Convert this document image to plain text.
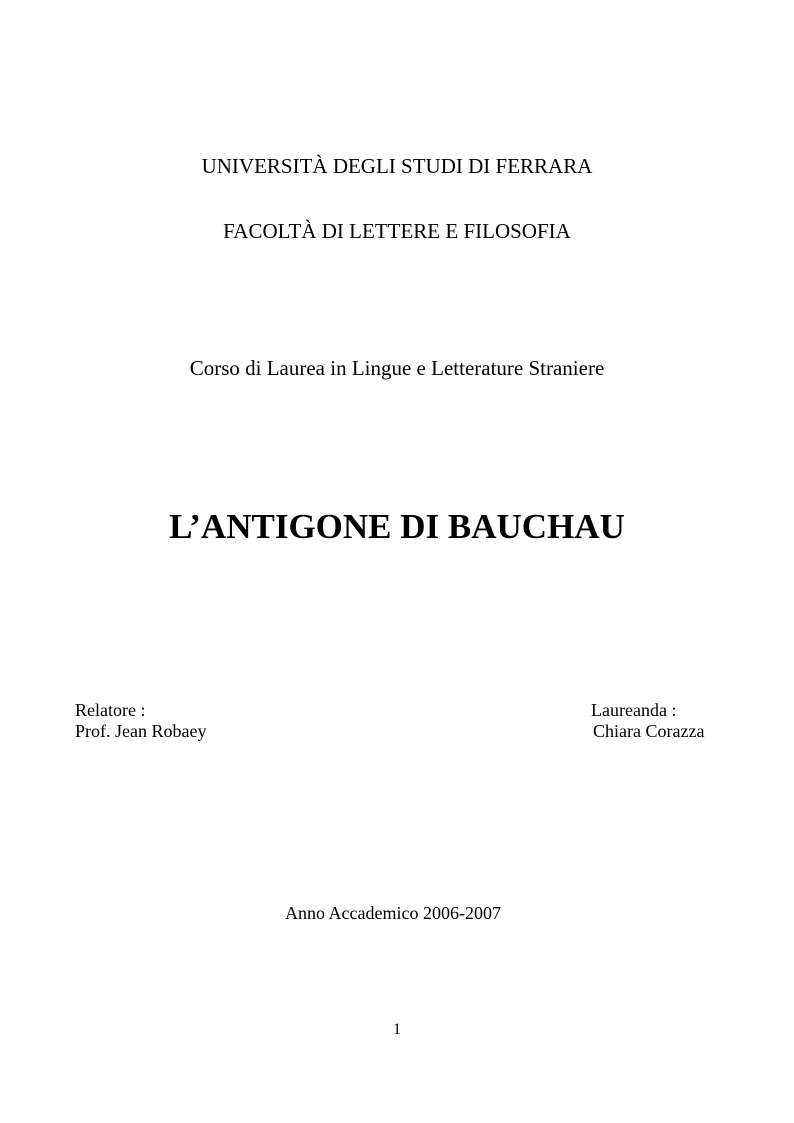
UNIVERSITÀ DEGLI STUDI DI FERRARA
FACOLTÀ DI LETTERE E FILOSOFIA
Corso di Laurea in Lingue e Letterature Straniere
L’ANTIGONE DI BAUCHAU
Relatore :
Prof. Jean Robaey
Laureanda :
Chiara Corazza
Anno Accademico 2006-2007
1
